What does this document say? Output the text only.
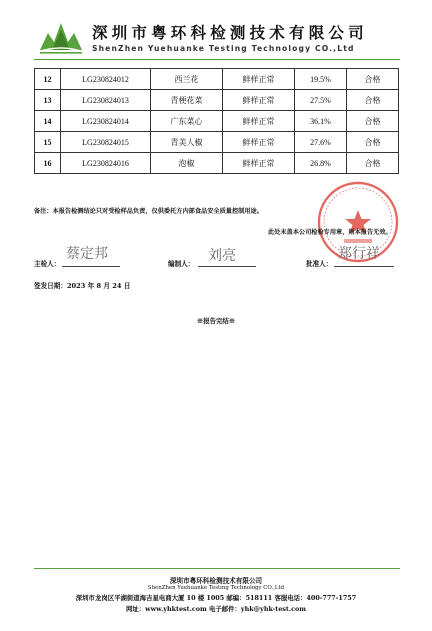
深圳市粤环科检测技术有限公司
ShenZhen Yuehuanke Testing Technology CO.,Ltd
12	LG230824012	西兰花	鲜样正常	19.5%	合格
13	LG230824013	青梗花菜	鲜样正常	27.5%	合格
14	LG230824014	广东菜心	鲜样正常	36.1%	合格
15	LG230824015	青美人椒	鲜样正常	27.6%	合格
16	LG230824016	泡椒	鲜样正常	26.8%	合格
备注：本报告检测结论只对受检样品负责，仅供委托方内部食品安全质量控制用途。
此处未盖本公司检验专用章，则本报告无效。
主检人：
蔡定邦
编制人： 刘亮	批准人：
郑行祥
签发日期：2023 年 8 月 24 日
※报告完结※
深圳市粤环科检测技术有限公司
ShenZhen Yuehuanke Testing Technology CO.,Ltd
深圳市龙岗区平湖街道海吉星电商大厦 10 楼 1005 邮编：518111 客服电话：400-777-1757
网址：www.yhktest.com 电子邮件：yhk@yhk-test.com
